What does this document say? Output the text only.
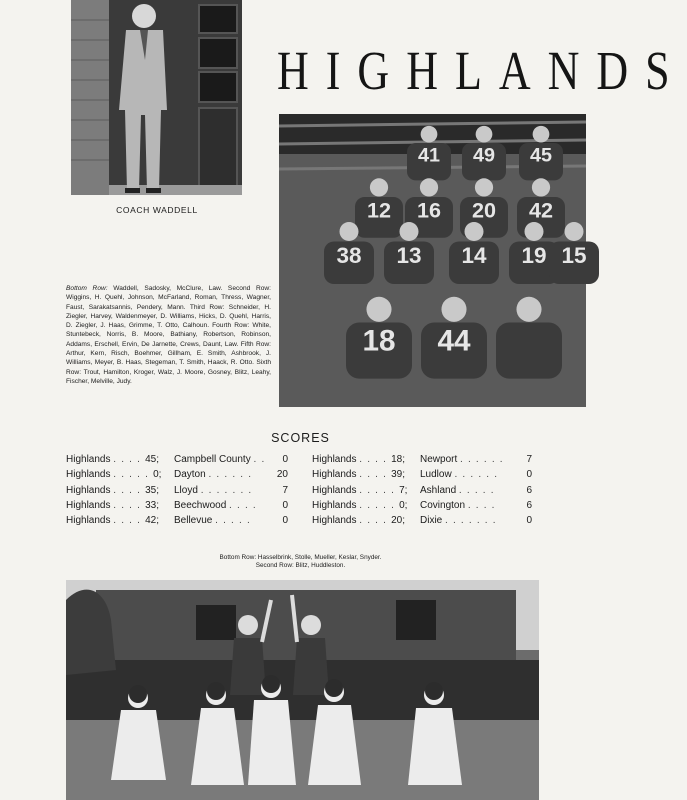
COACH WADDELL
HIGHLANDS
41 49 45
12 16 20 42
38 13 14 19 15
18 44
Bottom Row: Waddell, Sadosky, McClure, Law. Second Row: Wiggins, H. Quehl, Johnson, McFarland, Roman, Thress, Wagner, Faust, Sarakatsannis, Pendery, Mann. Third Row: Schneider, H. Ziegler, Harvey, Waldenmeyer, D. Williams, Hicks, D. Quehl, Harris, D. Ziegler, J. Haas, Grimme, T. Otto, Calhoun. Fourth Row: White, Stuntebeck, Norris, B. Moore, Bathiany, Robertson, Robinson, Addams, Erschell, Ervin, De Jarnette, Crews, Daunt, Law. Fifth Row: Arthur, Kern, Risch, Boehmer, Gillham, E. Smith, Ashbrook, J. Williams, Meyer, B. Haas, Stegeman, T. Smith, Haack, R. Otto. Sixth Row: Trout, Hamilton, Kroger, Walz, J. Moore, Gosney, Blitz, Leahy, Fischer, Melville, Judy.
SCORES
Highlands . . . . 45; Campbell County . .	0
Highlands . . . . . 0; Dayton . . . . . . 20
Highlands . . . . 35; Lloyd . . . . . . .	7
Highlands . . . . 33; Beechwood . . . .	0
Highlands . . . . 42; Bellevue . . . . .	0
Highlands . . . . 18; Newport . . . . . .	7
Highlands . . . . 39; Ludlow . . . . . .	0
Highlands . . . . . 7; Ashland . . . . .	6
Highlands . . . . . 0; Covington . . . .	6
Highlands . . . . 20; Dixie . . . . . . .	0
Bottom Row: Hasselbrink, Stolle, Mueller, Keslar, Snyder.
Second Row: Blitz, Huddleston.
